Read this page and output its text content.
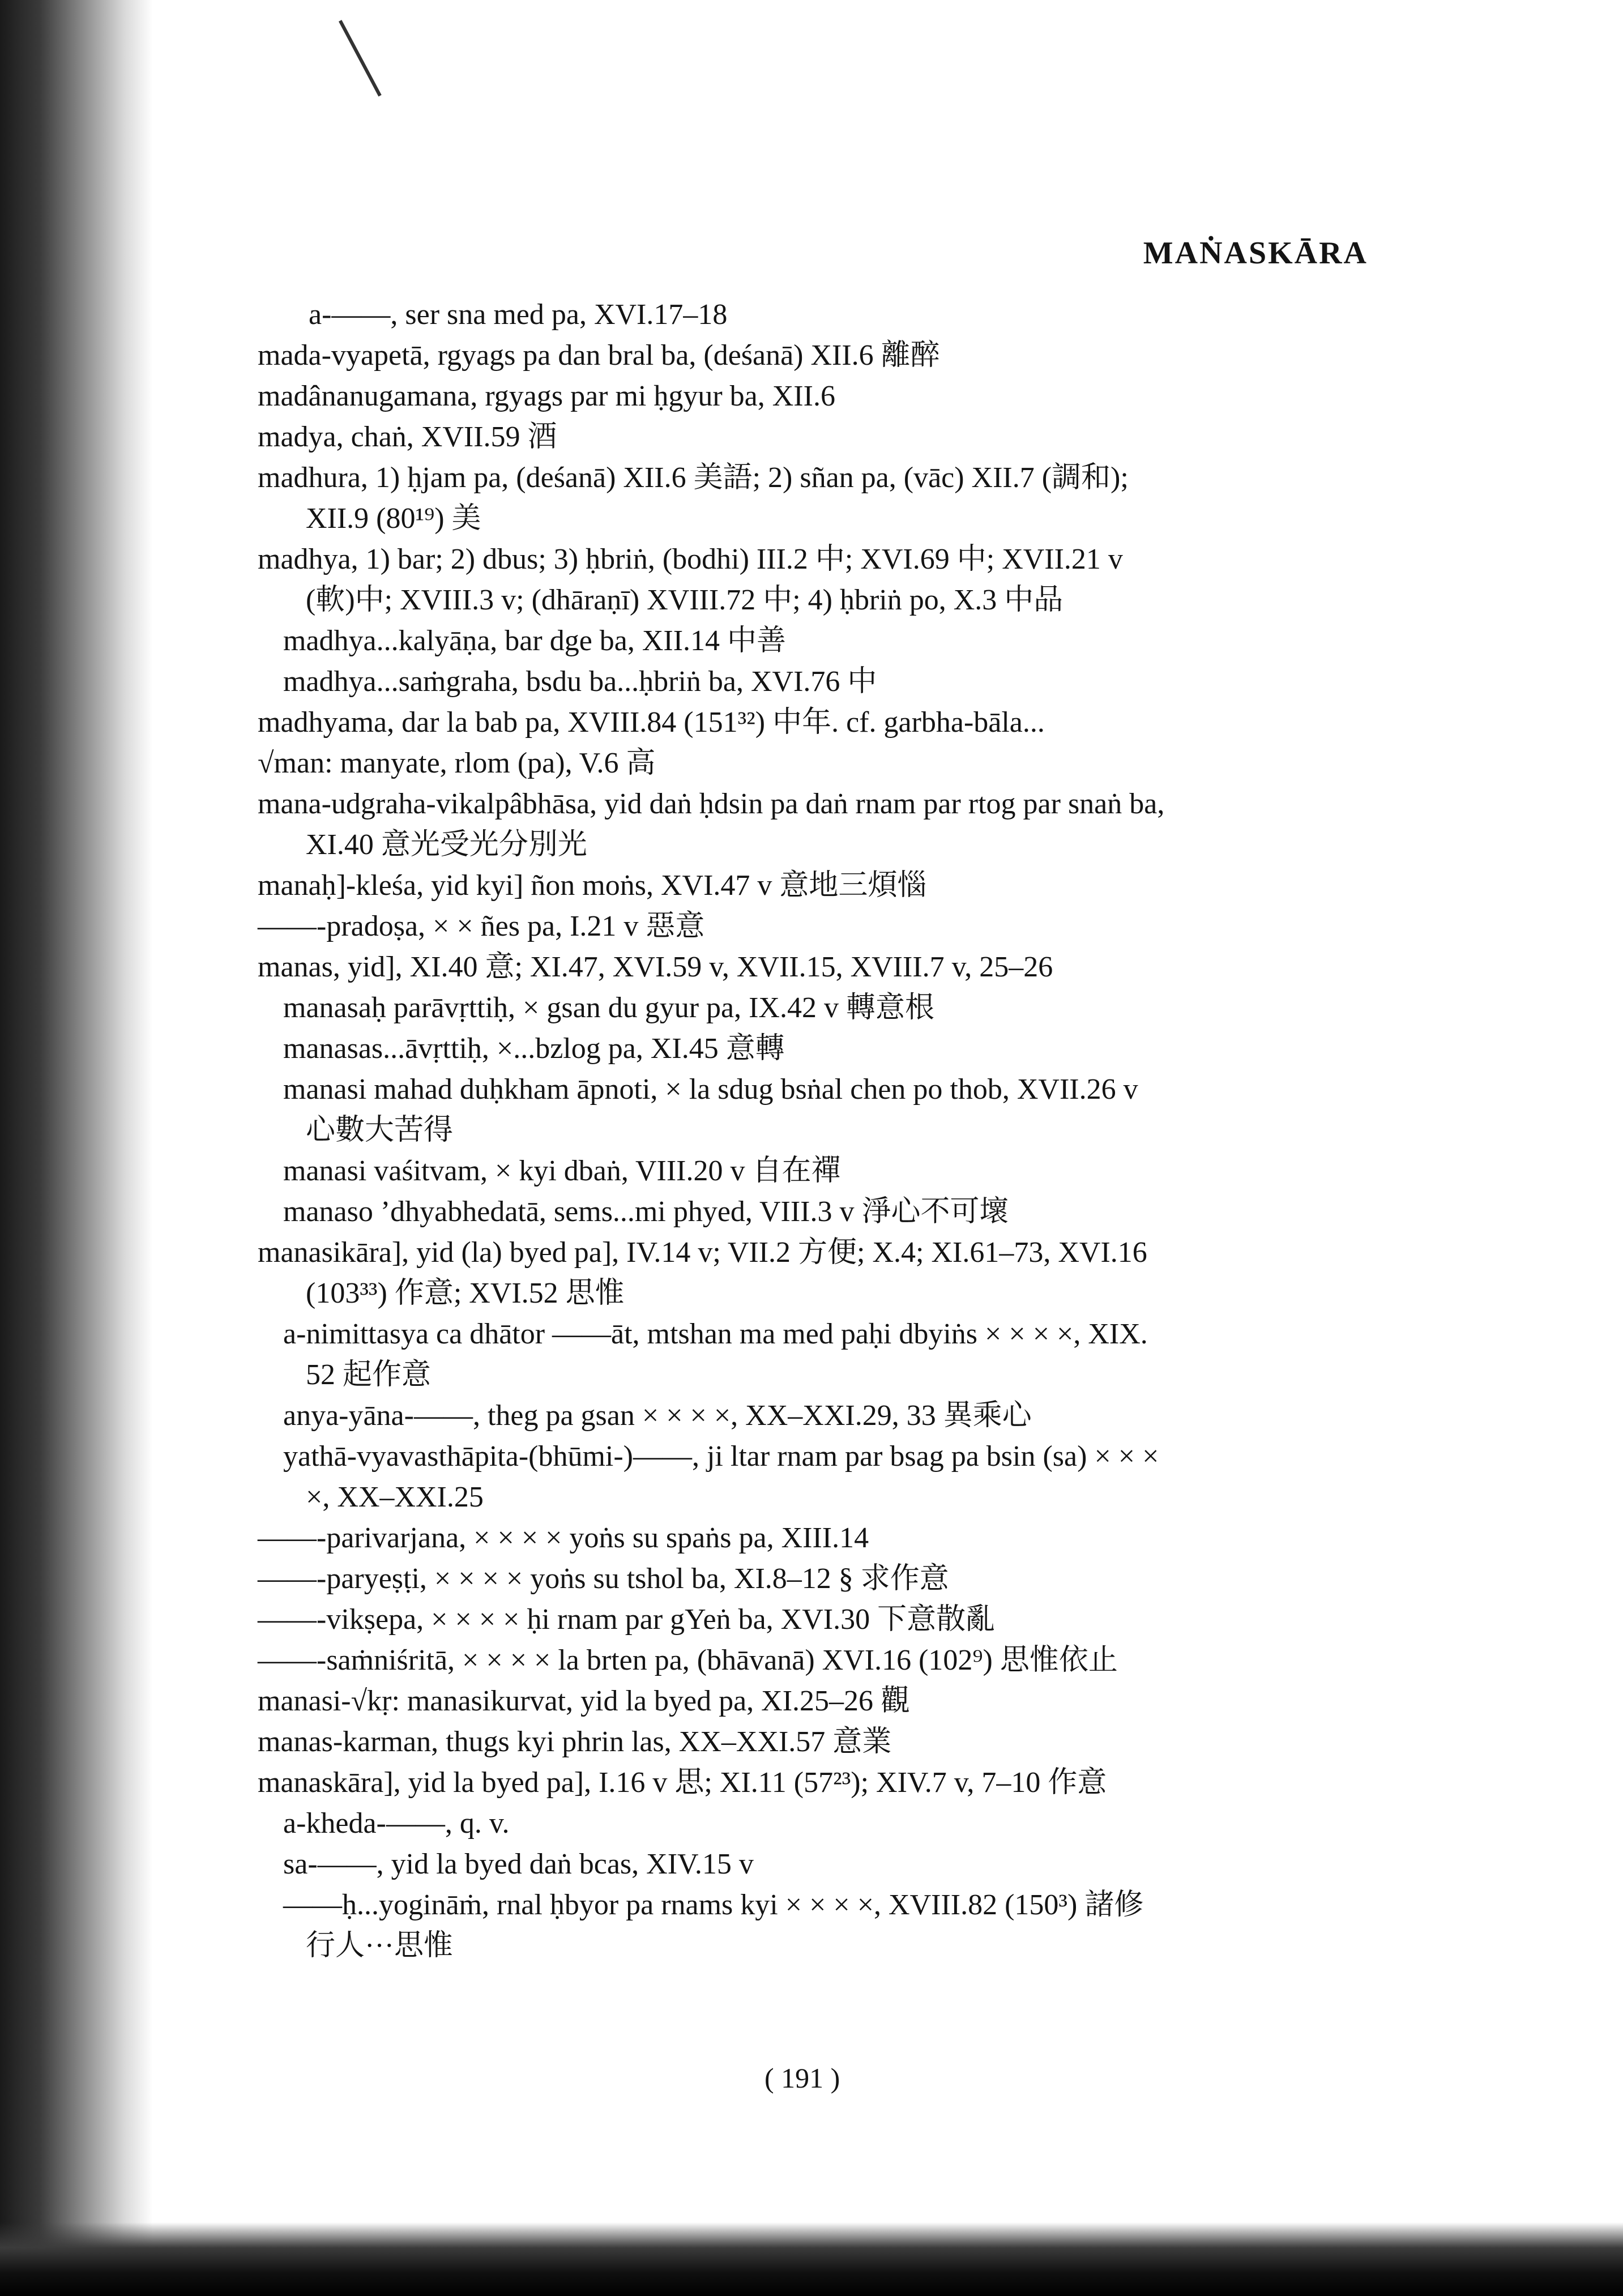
MAṄASKĀRA
a-——, ser sna med pa, XVI.17–18
mada-vyapetā, rgyags pa dan bral ba, (deśanā) XII.6 離醉
madânanugamana, rgyags par mi ḥgyur ba, XII.6
madya, chaṅ, XVII.59 酒
madhura, 1) ḥjam pa, (deśanā) XII.6 美語; 2) sñan pa, (vāc) XII.7 (調和);
XII.9 (80¹⁹) 美
madhya, 1) bar; 2) dbus; 3) ḥbriṅ, (bodhi) III.2 中; XVI.69 中; XVII.21 v
(軟)中; XVIII.3 v; (dhāraṇī) XVIII.72 中; 4) ḥbriṅ po, X.3 中品
madhya...kalyāṇa, bar dge ba, XII.14 中善
madhya...saṁgraha, bsdu ba...ḥbriṅ ba, XVI.76 中
madhyama, dar la bab pa, XVIII.84 (151³²) 中年. cf. garbha-bāla...
√man: manyate, rlom (pa), V.6 高
mana-udgraha-vikalpâbhāsa, yid daṅ ḥdsin pa daṅ rnam par rtog par snaṅ ba,
XI.40 意光受光分別光
manaḥ]-kleśa, yid kyi] ñon moṅs, XVI.47 v 意地三煩惱
——-pradoṣa, × × ñes pa, I.21 v 惡意
manas, yid], XI.40 意; XI.47, XVI.59 v, XVII.15, XVIII.7 v, 25–26
manasaḥ parāvṛttiḥ, × gsan du gyur pa, IX.42 v 轉意根
manasas...āvṛttiḥ, ×...bzlog pa, XI.45 意轉
manasi mahad duḥkham āpnoti, × la sdug bsṅal chen po thob, XVII.26 v
心數大苦得
manasi vaśitvam, × kyi dbaṅ, VIII.20 v 自在禪
manaso ’dhyabhedatā, sems...mi phyed, VIII.3 v 淨心不可壞
manasikāra], yid (la) byed pa], IV.14 v; VII.2 方便; X.4; XI.61–73, XVI.16
(103³³) 作意; XVI.52 思惟
a-nimittasya ca dhātor ——āt, mtshan ma med paḥi dbyiṅs × × × ×, XIX.
52 起作意
anya-yāna-——, theg pa gsan × × × ×, XX–XXI.29, 33 異乘心
yathā-vyavasthāpita-(bhūmi-)——, ji ltar rnam par bsag pa bsin (sa) × × ×
×, XX–XXI.25
——-parivarjana, × × × × yoṅs su spaṅs pa, XIII.14
——-paryeṣṭi, × × × × yoṅs su tshol ba, XI.8–12 § 求作意
——-vikṣepa, × × × × ḥi rnam par gYeṅ ba, XVI.30 下意散亂
——-saṁniśritā, × × × × la brten pa, (bhāvanā) XVI.16 (102⁹) 思惟依止
manasi-√kṛ: manasikurvat, yid la byed pa, XI.25–26 觀
manas-karman, thugs kyi phrin las, XX–XXI.57 意業
manaskāra], yid la byed pa], I.16 v 思; XI.11 (57²³); XIV.7 v, 7–10 作意
a-kheda-——, q. v.
sa-——, yid la byed daṅ bcas, XIV.15 v
——ḥ...yogināṁ, rnal ḥbyor pa rnams kyi × × × ×, XVIII.82 (150³) 諸修
行人···思惟
( 191 )
